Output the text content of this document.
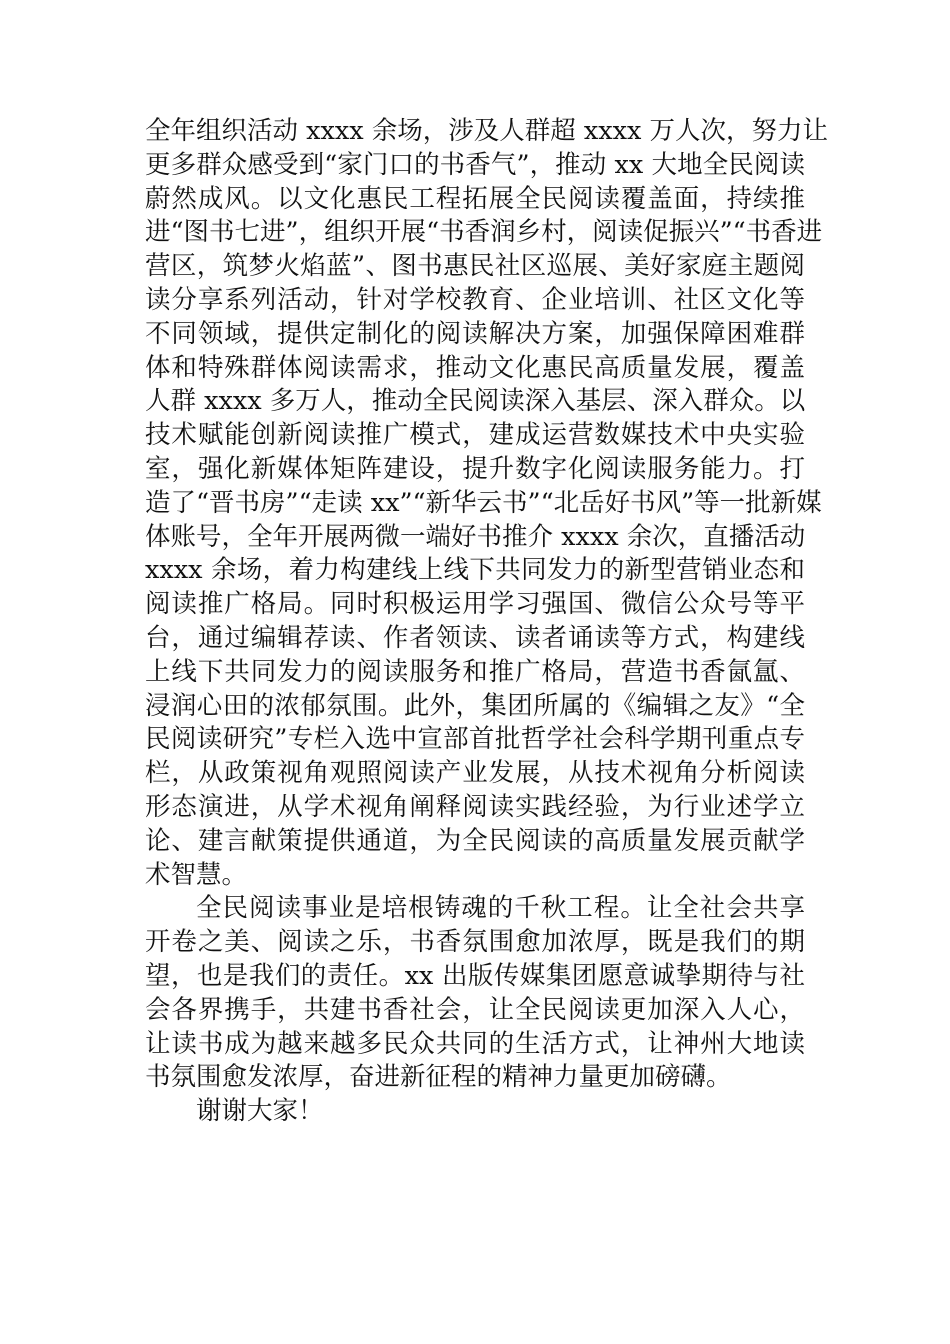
全年组织活动 xxxx 余场，涉及人群超 xxxx 万人次，努力让
更多群众感受到“家门口的书香气”，推动 xx 大地全民阅读
蔚然成风。以文化惠民工程拓展全民阅读覆盖面，持续推
进“图书七进”，组织开展“书香润乡村，阅读促振兴”“书香进
营区，筑梦火焰蓝”、图书惠民社区巡展、美好家庭主题阅
读分享系列活动，针对学校教育、企业培训、社区文化等
不同领域，提供定制化的阅读解决方案，加强保障困难群
体和特殊群体阅读需求，推动文化惠民高质量发展，覆盖
人群 xxxx 多万人，推动全民阅读深入基层、深入群众。以
技术赋能创新阅读推广模式，建成运营数媒技术中央实验
室，强化新媒体矩阵建设，提升数字化阅读服务能力。打
造了“晋书房”“走读 xx”“新华云书”“北岳好书风”等一批新媒
体账号，全年开展两微一端好书推介 xxxx 余次，直播活动
xxxx 余场，着力构建线上线下共同发力的新型营销业态和
阅读推广格局。同时积极运用学习强国、微信公众号等平
台，通过编辑荐读、作者领读、读者诵读等方式，构建线
上线下共同发力的阅读服务和推广格局，营造书香氤氲、
浸润心田的浓郁氛围。此外，集团所属的《编辑之友》“全
民阅读研究”专栏入选中宣部首批哲学社会科学期刊重点专
栏，从政策视角观照阅读产业发展，从技术视角分析阅读
形态演进，从学术视角阐释阅读实践经验，为行业述学立
论、建言献策提供通道，为全民阅读的高质量发展贡献学
术智慧。
全民阅读事业是培根铸魂的千秋工程。让全社会共享
开卷之美、阅读之乐，书香氛围愈加浓厚，既是我们的期
望，也是我们的责任。xx 出版传媒集团愿意诚挚期待与社
会各界携手，共建书香社会，让全民阅读更加深入人心，
让读书成为越来越多民众共同的生活方式，让神州大地读
书氛围愈发浓厚，奋进新征程的精神力量更加磅礴。
谢谢大家！
